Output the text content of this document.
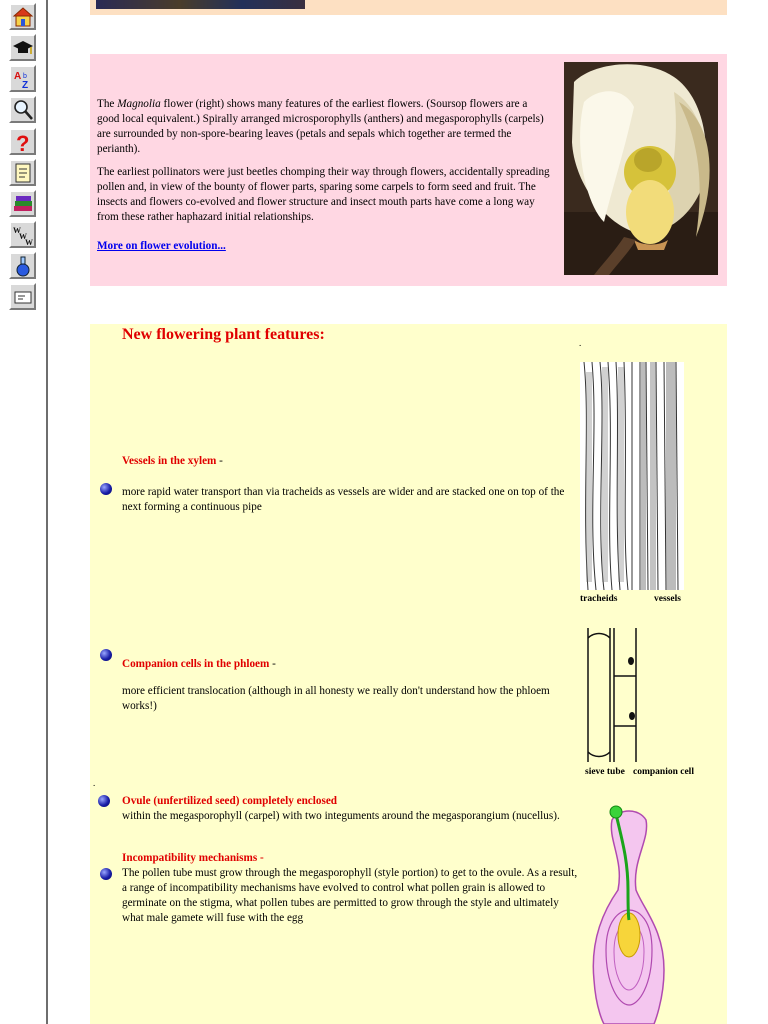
A
Z
b
?
W
W
W

The Magnolia flower (right) shows many features of the earliest flowers. (Soursop flowers are a good local equivalent.) Spirally arranged microsporophylls (anthers) and megasporophylls (carpels) are surrounded by non-spore-bearing leaves (petals and sepals which together are termed the perianth).

The earliest pollinators were just beetles chomping their way through flowers, accidentally spreading pollen and, in view of the bounty of flower parts, sparing some carpels to form seed and fruit. The insects and flowers co-evolved and flower structure and insect mouth parts have come a long way from these rather haphazard initial relationships.

More on flower evolution...

New flowering plant features:	.
Vessels in the xylem -
more rapid water transport than via tracheids as vessels are wider and are stacked one on top of the next forming a continuous pipe
tracheids	vessels
Companion cells in the phloem -
more efficient translocation (although in all honesty we really don't understand how the phloem works!)
sieve tube companion cell
.
Ovule (unfertilized seed) completely enclosed
within the megasporophyll (carpel) with two integuments around the megasporangium (nucellus).
Incompatibility mechanisms -
The pollen tube must grow through the megasporophyll (style portion) to get to the ovule. As a result, a range of incompatibility mechanisms have evolved to control what pollen grain is allowed to germinate on the stigma, what pollen tubes are permitted to grow through the style and ultimately what male gamete will fuse with the egg
